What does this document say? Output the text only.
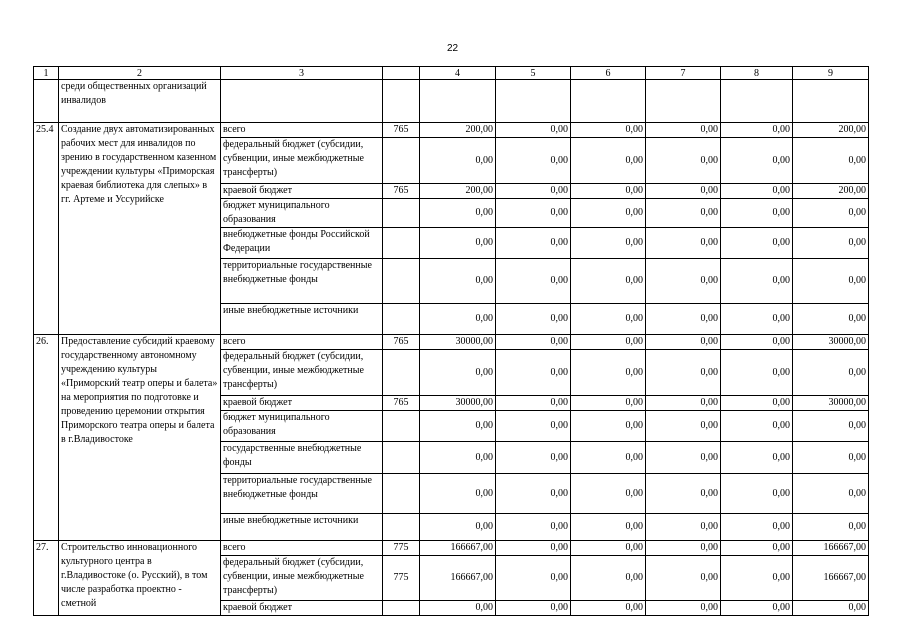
22
1	2	3		4	5	6	7	8	9
	среди общественных организаций инвалидов								
25.4	Создание двух автоматизированных рабочих мест для инвалидов по зрению в государственном казенном учреждении культуры «Приморская краевая библиотека для слепых» в гг. Артеме и Уссурийске	всего	765	200,00	0,00	0,00	0,00	0,00	200,00
		федеральный бюджет (субсидии, субвенции, иные межбюджетные трансферты)		0,00	0,00	0,00	0,00	0,00	0,00
		краевой бюджет	765	200,00	0,00	0,00	0,00	0,00	200,00
		бюджет муниципального образования		0,00	0,00	0,00	0,00	0,00	0,00
		внебюджетные фонды Российской Федерации		0,00	0,00	0,00	0,00	0,00	0,00
		территориальные государственные внебюджетные фонды		0,00	0,00	0,00	0,00	0,00	0,00
		иные внебюджетные источники		0,00	0,00	0,00	0,00	0,00	0,00
26.	Предоставление субсидий краевому государственному автономному учреждению культуры «Приморский театр оперы и балета» на мероприятия по подготовке и проведению церемонии открытия Приморского театра оперы и балета в г.Владивостоке	всего	765	30000,00	0,00	0,00	0,00	0,00	30000,00
		федеральный бюджет (субсидии, субвенции, иные межбюджетные трансферты)		0,00	0,00	0,00	0,00	0,00	0,00
		краевой бюджет	765	30000,00	0,00	0,00	0,00	0,00	30000,00
		бюджет муниципального образования		0,00	0,00	0,00	0,00	0,00	0,00
		государственные внебюджетные фонды		0,00	0,00	0,00	0,00	0,00	0,00
		территориальные государственные внебюджетные фонды		0,00	0,00	0,00	0,00	0,00	0,00
		иные внебюджетные источники		0,00	0,00	0,00	0,00	0,00	0,00
27.	Строительство инновационного культурного центра в г.Владивостоке (о. Русский), в том числе разработка проектно - сметной	всего	775	166667,00	0,00	0,00	0,00	0,00	166667,00
		федеральный бюджет (субсидии, субвенции, иные межбюджетные трансферты)	775	166667,00	0,00	0,00	0,00	0,00	166667,00
		краевой бюджет		0,00	0,00	0,00	0,00	0,00	0,00
